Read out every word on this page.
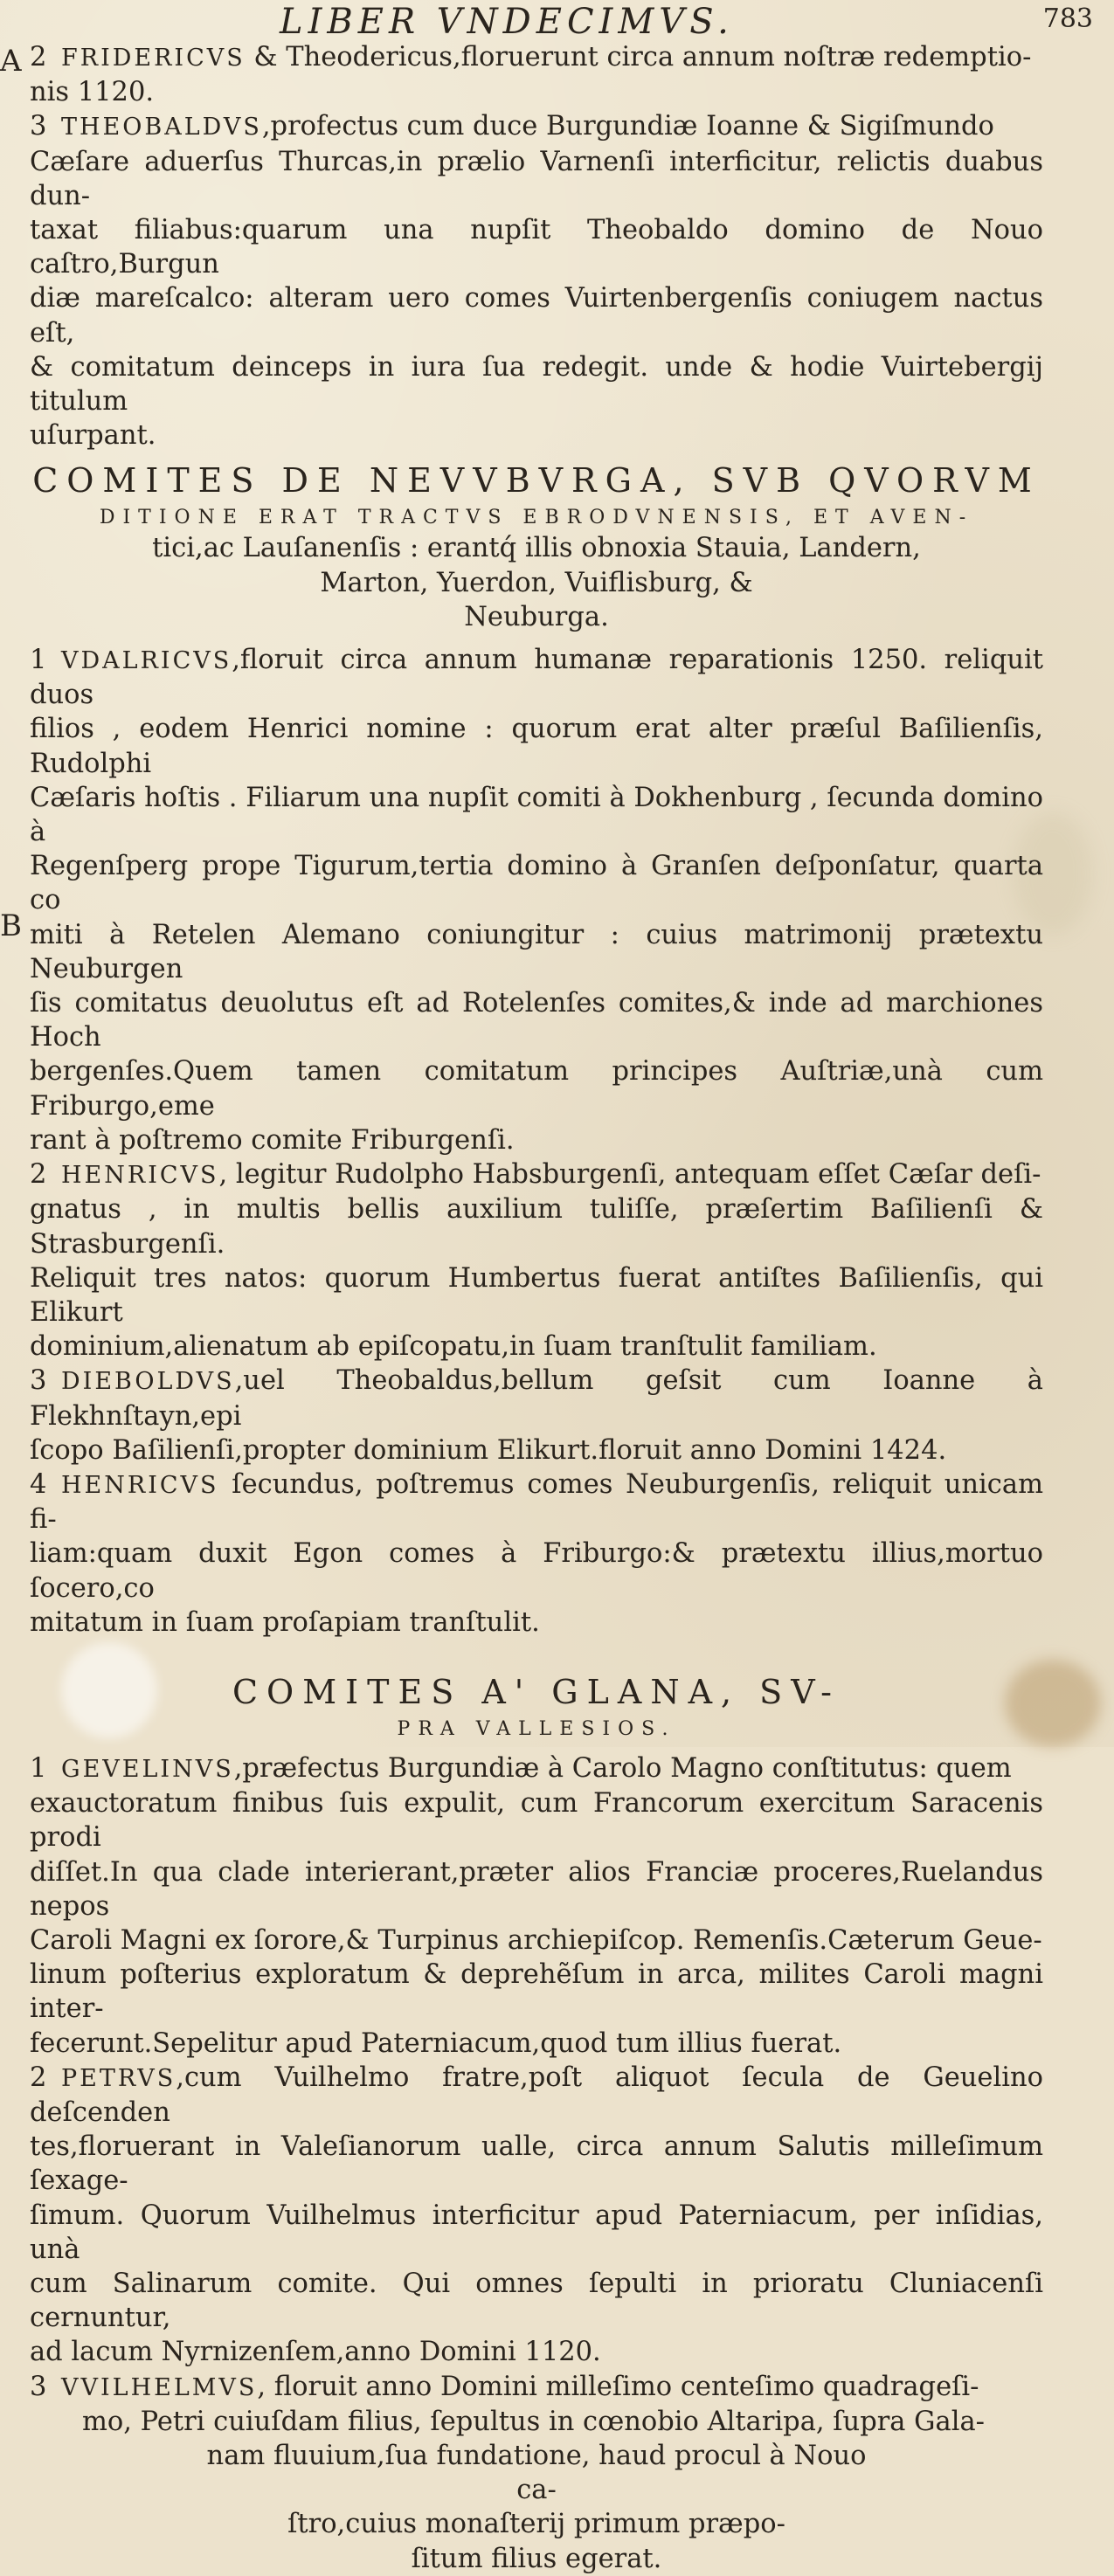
LIBER VNDECIMVS.	783
A
B

2 FRIDERICVS & Theodericus,floruerunt circa annum noſtræ redemptio-

nis 1120.

3 THEOBALDVS,profectus cum duce Burgundiæ Ioanne & Sigiſmundo

Cæſare aduerſus Thurcas,in prælio Varnenſi interficitur, relictis duabus dun-

taxat filiabus:quarum una nupſit Theobaldo domino de Nouo caſtro,Burgun

diæ mareſcalco: alteram uero comes Vuirtenbergenſis coniugem nactus eſt,

& comitatum deinceps in iura ſua redegit. unde & hodie Vuirtebergij titulum

uſurpant.

COMITES DE NEVVBVRGA, SVB QVORVM
DITIONE ERAT TRACTVS EBRODVNENSIS, ET AVEN-

tici,ac Lauſanenſis : erantq́ illis obnoxia Stauia, Landern,

Marton, Yuerdon, Vuiflisburg, &

Neuburga.

1 VDALRICVS,floruit circa annum humanæ reparationis 1250. reliquit duos

filios , eodem Henrici nomine : quorum erat alter præſul Baſilienſis, Rudolphi

Cæſaris hoſtis . Filiarum una nupſit comiti à Dokhenburg , ſecunda domino à

Regenſperg prope Tigurum,tertia domino à Granſen deſponſatur, quarta co

miti à Retelen Alemano coniungitur : cuius matrimonij prætextu Neuburgen

ſis comitatus deuolutus eſt ad Rotelenſes comites,& inde ad marchiones Hoch

bergenſes.Quem tamen comitatum principes Auſtriæ,unà cum Friburgo,eme

rant à poſtremo comite Friburgenſi.

2 HENRICVS, legitur Rudolpho Habsburgenſi, antequam eſſet Cæſar deſi-

gnatus , in multis bellis auxilium tuliſſe, præſertim Baſilienſi & Strasburgenſi.

Reliquit tres natos: quorum Humbertus fuerat antiſtes Baſilienſis, qui Elikurt

dominium,alienatum ab epiſcopatu,in ſuam tranſtulit familiam.

3 DIEBOLDVS,uel Theobaldus,bellum geſsit cum Ioanne à Flekhnſtayn,epi

ſcopo Baſilienſi,propter dominium Elikurt.floruit anno Domini 1424.

4 HENRICVS ſecundus, poſtremus comes Neuburgenſis, reliquit unicam fi-

liam:quam duxit Egon comes à Friburgo:& prætextu illius,mortuo ſocero,co

mitatum in ſuam proſapiam tranſtulit.

COMITES A' GLANA, SV-
PRA VALLESIOS.

1 GEVELINVS,præfectus Burgundiæ à Carolo Magno conſtitutus: quem

exauctoratum finibus ſuis expulit, cum Francorum exercitum Saracenis prodi

diſſet.In qua clade interierant,præter alios Franciæ proceres,Ruelandus nepos

Caroli Magni ex ſorore,& Turpinus archiepiſcop. Remenſis.Cæterum Geue-

linum poſterius exploratum & deprehẽſum in arca, milites Caroli magni inter-

fecerunt.Sepelitur apud Paterniacum,quod tum illius fuerat.

2 PETRVS,cum Vuilhelmo fratre,poſt aliquot ſecula de Geuelino deſcenden

tes,floruerant in Valeſianorum ualle, circa annum Salutis milleſimum ſexage-

ſimum. Quorum Vuilhelmus interficitur apud Paterniacum, per inſidias, unà

cum Salinarum comite. Qui omnes ſepulti in prioratu Cluniacenſi cernuntur,

ad lacum Nyrnizenſem,anno Domini 1120.

3 VVILHELMVS, floruit anno Domini milleſimo centeſimo quadrageſi-

mo, Petri cuiuſdam filius, ſepultus in cœnobio Altaripa, ſupra Gala-

nam fluuium,ſua fundatione, haud procul à Nouo ca-

ſtro,cuius monaſterij primum præpo-

ſitum filius egerat.
